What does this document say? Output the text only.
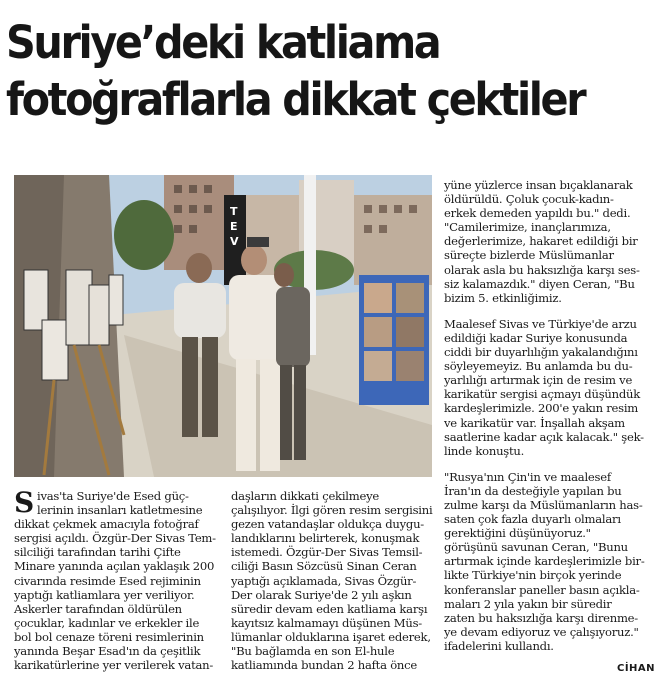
Suriye’deki katliama
fotoğraflarla dikkat çektiler
T
E
V

Sivas'ta Suriye'de Esed güç-
lerinin insanları katletmesine
dikkat çekmek amacıyla fotoğraf
sergisi açıldı. Özgür-Der Sivas Tem-
silciliği tarafından tarihi Çifte
Minare yanında açılan yaklaşık 200
civarında resimde Esed rejiminin
yaptığı katliamlara yer veriliyor.
Askerler tarafından öldürülen
çocuklar, kadınlar ve erkekler ile
bol bol cenaze töreni resimlerinin
yanında Beşar Esad'ın da çeşitlik
karikatürlerine yer verilerek vatan-

daşların dikkati çekilmeye
çalışılıyor. İlgi gören resim sergisini
gezen vatandaşlar oldukça duygu-
landıklarını belirterek, konuşmak
istemedi. Özgür-Der Sivas Temsil-
ciliği Basın Sözcüsü Sinan Ceran
yaptığı açıklamada, Sivas Özgür-
Der olarak Suriye'de 2 yılı aşkın
süredir devam eden katliama karşı
kayıtsız kalmamayı düşünen Müs-
lümanlar olduklarına işaret ederek,
"Bu bağlamda en son El-hule
katliamında bundan 2 hafta önce

yüne yüzlerce insan bıçaklanarak
öldürüldü. Çoluk çocuk-kadın-
erkek demeden yapıldı bu." dedi.
"Camilerimize, inançlarımıza,
değerlerimize, hakaret edildiği bir
süreçte bizlerde Müslümanlar
olarak asla bu haksızlığa karşı ses-
siz kalamazdık." diyen Ceran, "Bu
bizim 5. etkinliğimiz.

Maalesef Sivas ve Türkiye'de arzu
edildiği kadar Suriye konusunda
ciddi bir duyarlılığın yakalandığını
söyleyemeyiz. Bu anlamda bu du-
yarlılığı artırmak için de resim ve
karikatür sergisi açmayı düşündük
kardeşlerimizle. 200'e yakın resim
ve karikatür var. İnşallah akşam
saatlerine kadar açık kalacak." şek-
linde konuştu.

"Rusya'nın Çin'in ve maalesef
İran'ın da desteğiyle yapılan bu
zulme karşı da Müslümanların has-
saten çok fazla duyarlı olmaları
gerektiğini düşünüyoruz."
görüşünü savunan Ceran, "Bunu
artırmak içinde kardeşlerimizle bir-
likte Türkiye'nin birçok yerinde
konferanslar paneller basın açıkla-
maları 2 yıla yakın bir süredir
zaten bu haksızlığa karşı direnme-
ye devam ediyoruz ve çalışıyoruz."
ifadelerini kullandı.

CİHAN
